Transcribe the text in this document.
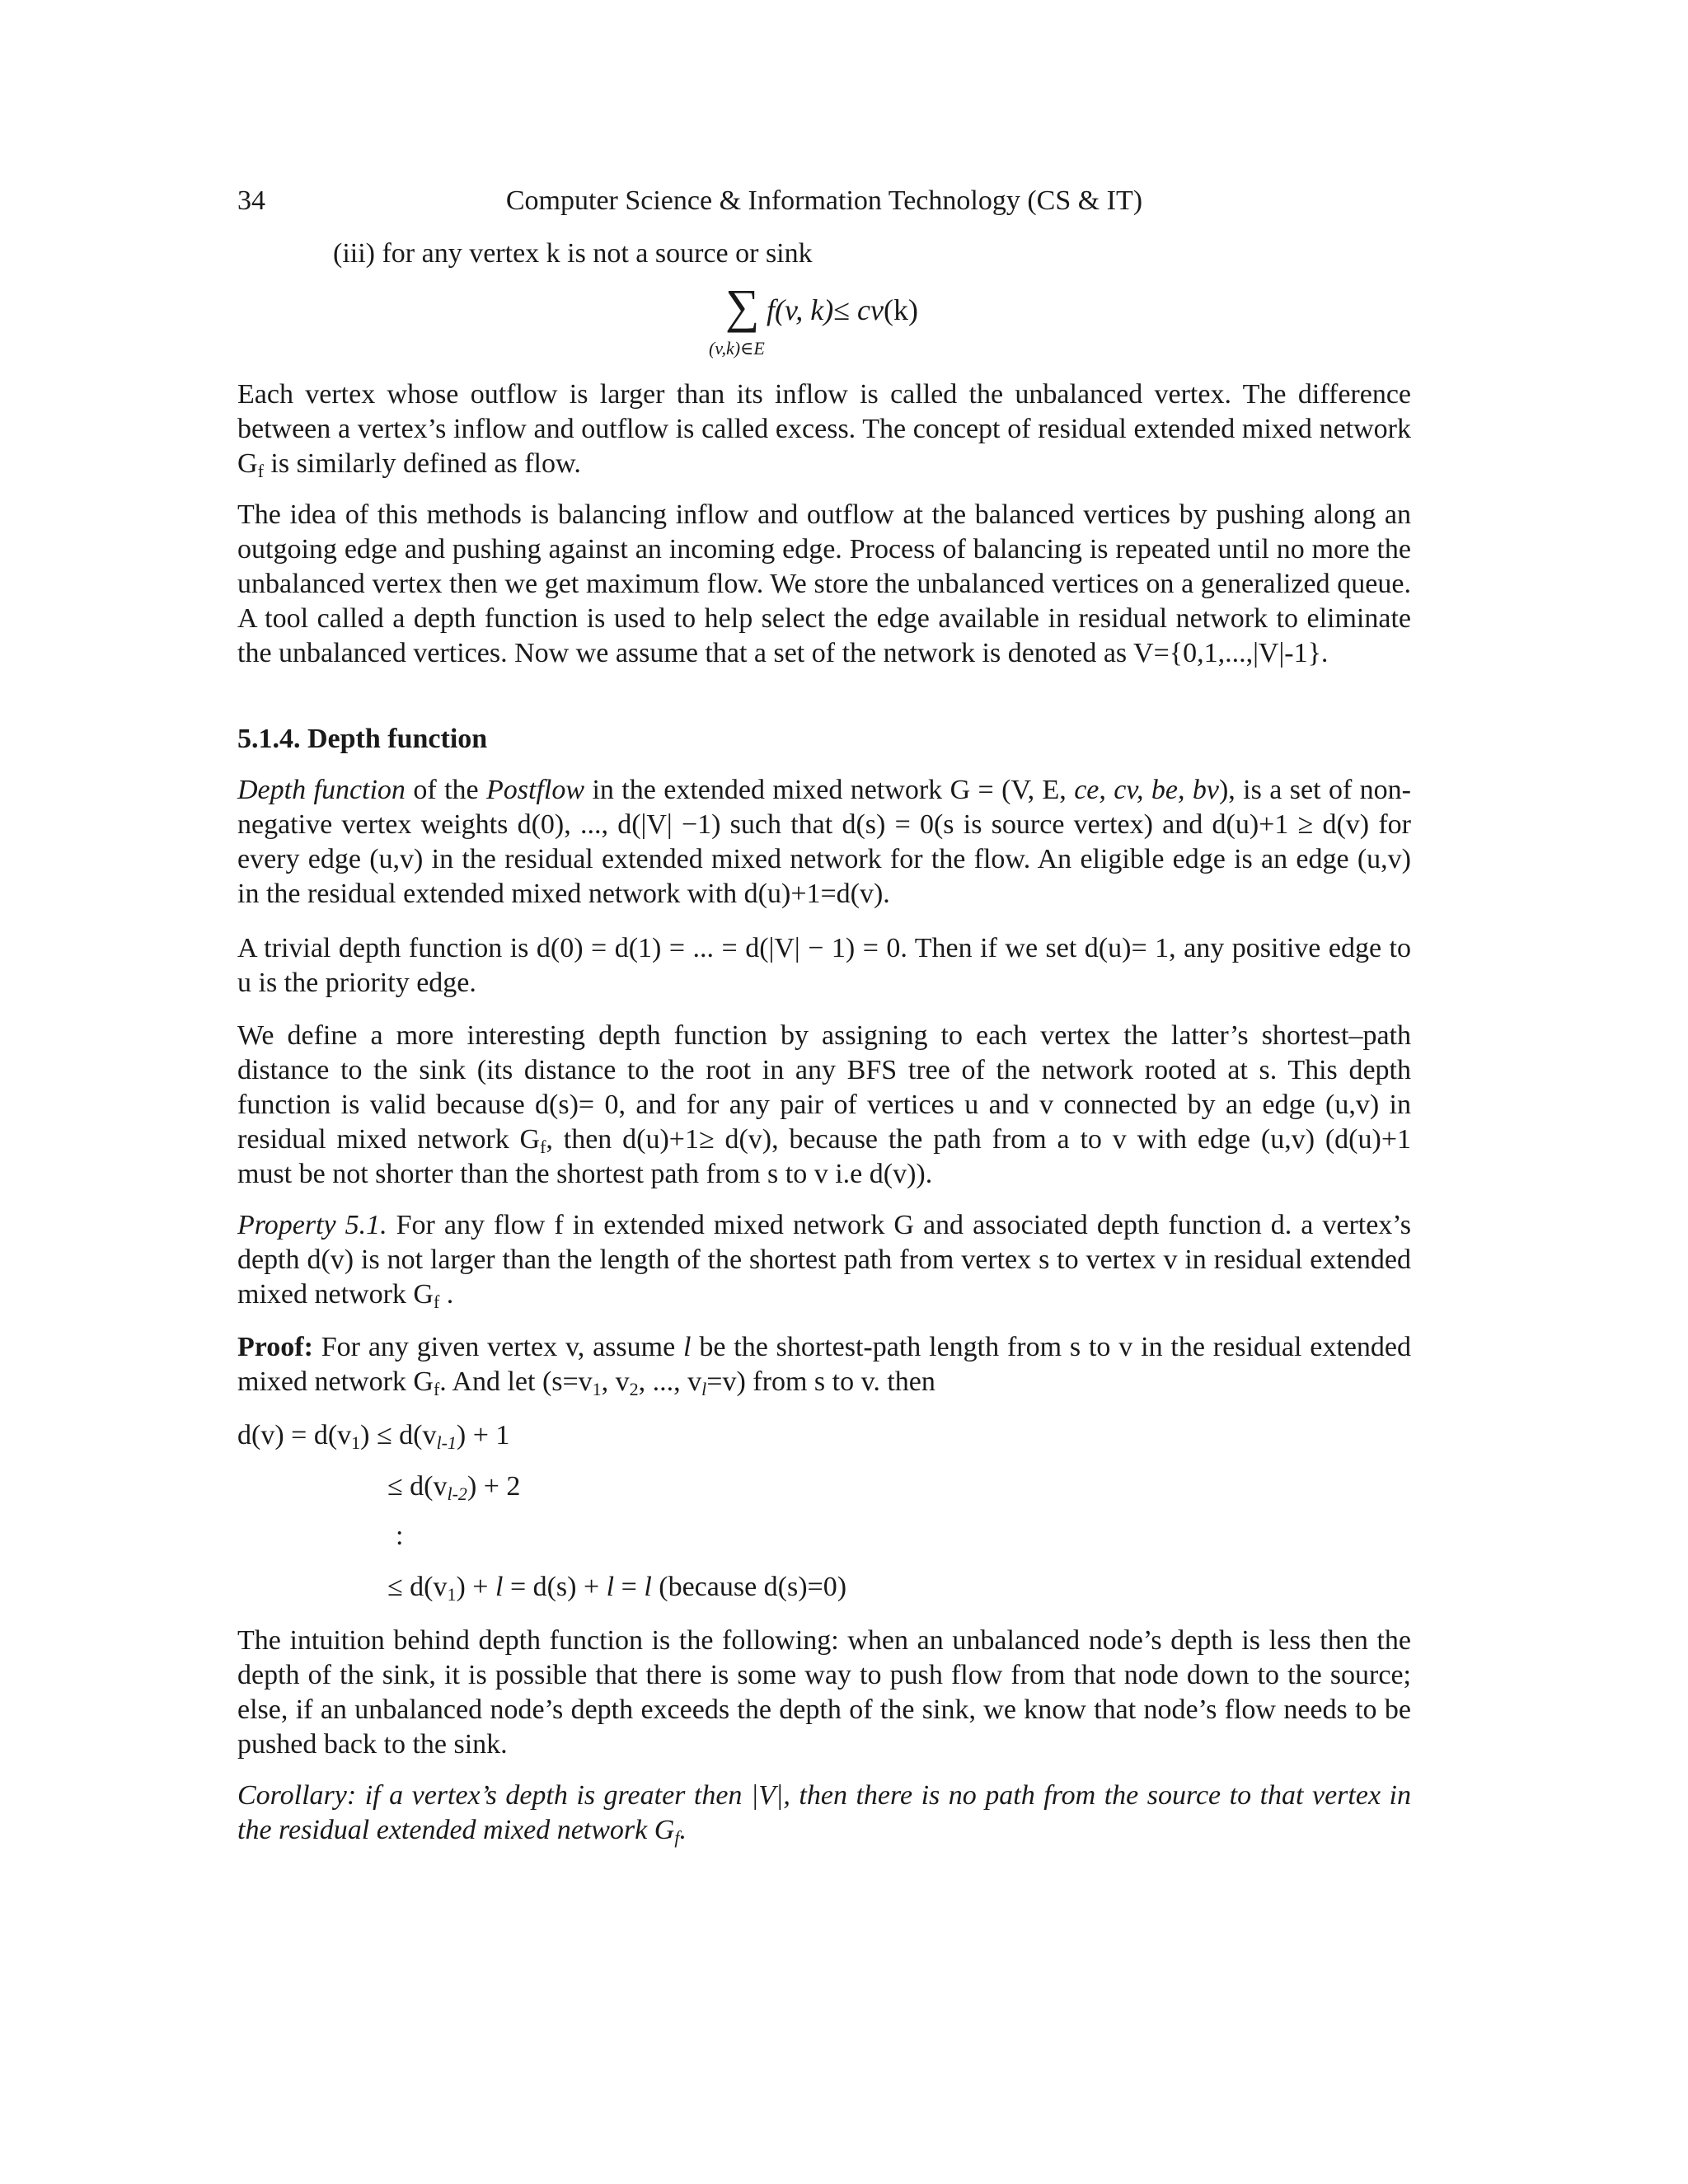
34	Computer Science & Information Technology (CS & IT)
(iii) for any vertex k is not a source or sink
∑ f(v, k)≤ cv(k)
(v,k)∈E

Each vertex whose outflow is larger than its inflow is called the unbalanced vertex. The difference between a vertex’s inflow and outflow is called excess. The concept of residual extended mixed network $G_f$ is similarly defined as flow.

The idea of this methods is balancing inflow and outflow at the balanced vertices by pushing along an outgoing edge and pushing against an incoming edge. Process of balancing is repeated until no more the unbalanced vertex then we get maximum flow. We store the unbalanced vertices on a generalized queue. A tool called a depth function is used to help select the edge available in residual network to eliminate the unbalanced vertices. Now we assume that a set of the network is denoted as V={0,1,...,|V|-1}.

5.1.4. Depth function

Depth function of the Postflow in the extended mixed network G = (V, E, ce, cv, be, bv), is a set of non-negative vertex weights d(0), ..., d(|V| −1) such that d(s) = 0(s is source vertex) and d(u)+1 ≥ d(v) for every edge (u,v) in the residual extended mixed network for the flow. An eligible edge is an edge (u,v) in the residual extended mixed network with d(u)+1=d(v).

A trivial depth function is d(0) = d(1) = ... = d(|V| − 1) = 0. Then if we set d(u)= 1, any positive edge to u is the priority edge.

We define a more interesting depth function by assigning to each vertex the latter’s shortest–path distance to the sink (its distance to the root in any BFS tree of the network rooted at s. This depth function is valid because d(s)= 0, and for any pair of vertices u and v connected by an edge (u,v) in residual mixed network $G_f$, then d(u)+1≥ d(v), because the path from a to v with edge (u,v) (d(u)+1 must be not shorter than the shortest path from s to v i.e d(v)).

Property 5.1. For any flow f in extended mixed network G and associated depth function d. a vertex’s depth d(v) is not larger than the length of the shortest path from vertex s to vertex v in residual extended mixed network $G_f$ .

Proof: For any given vertex v, assume l be the shortest-path length from s to v in the residual extended mixed network $G_f$. And let ($s=v_1$, $v_2$, ..., $v_l=v$) from s to v. then

$d(v) = d(v_1) \le d(v_{l-1}) + 1$
≤ $d(v_{l-2}) + 2$
:
≤ $d(v_1) + l = d(s) + l = l$ (because d(s)=0)

The intuition behind depth function is the following: when an unbalanced node’s depth is less then the depth of the sink, it is possible that there is some way to push flow from that node down to the source; else, if an unbalanced node’s depth exceeds the depth of the sink, we know that node’s flow needs to be pushed back to the sink.

Corollary: if a vertex’s depth is greater then |V|, then there is no path from the source to that vertex in the residual extended mixed network $G_f$.
